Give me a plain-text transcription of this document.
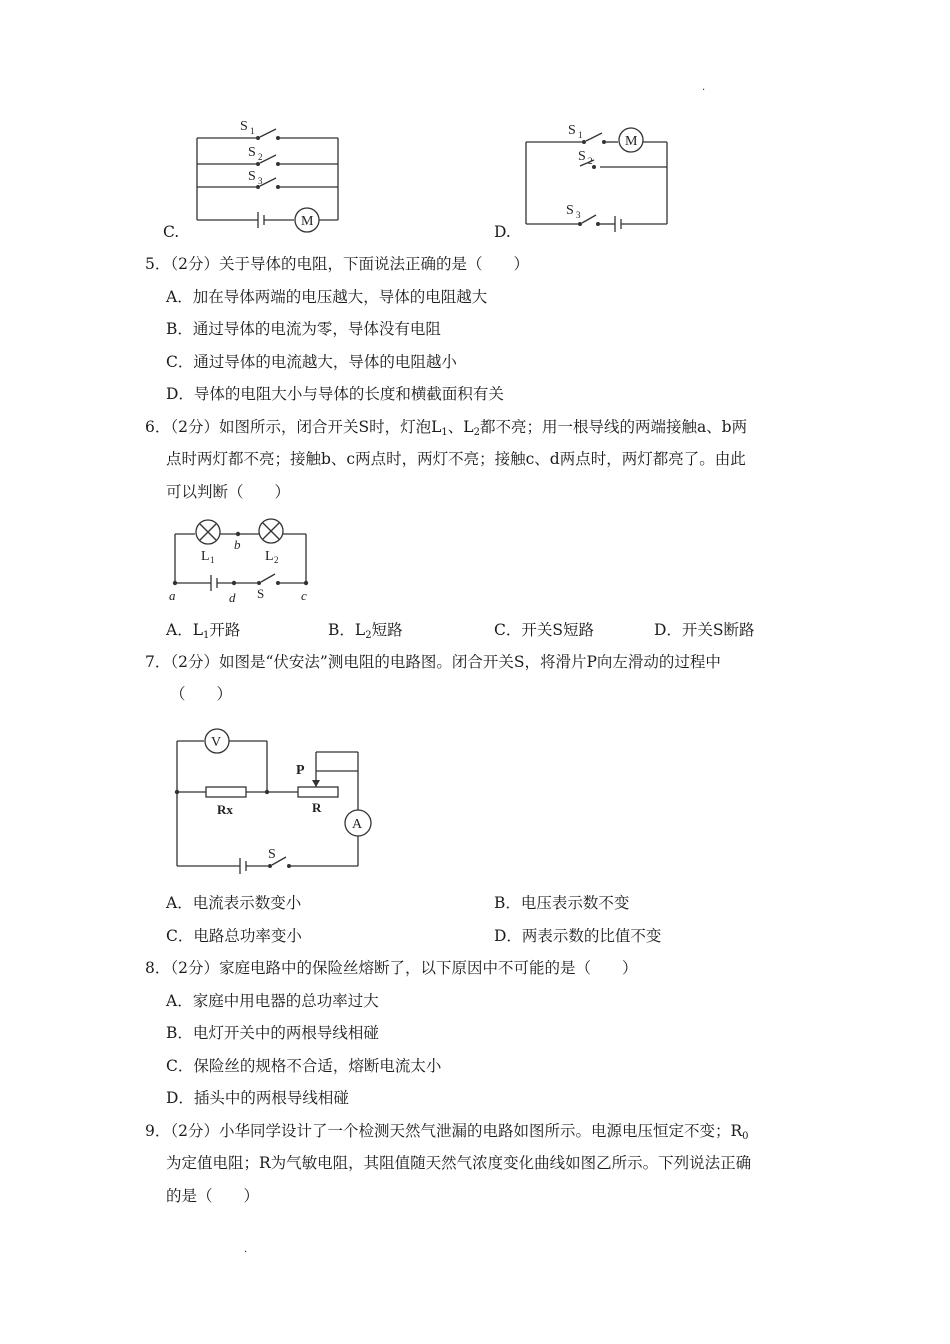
.
.
M
S 1
S 2
S 3
C.
M
S 1
S 2
S 3
D.
5．（2分）关于导体的电阻，下面说法正确的是（　　）
A．加在导体两端的电压越大，导体的电阻越大
B．通过导体的电流为零，导体没有电阻
C．通过导体的电流越大，导体的电阻越小
D．导体的电阻大小与导体的长度和横截面积有关
6．（2分）如图所示，闭合开关S时，灯泡$L_1$、$L_2$都不亮；用一根导线的两端接触a、b两
点时两灯都不亮；接触b、c两点时，两灯不亮；接触c、d两点时，两灯都亮了。由此
可以判断（　　）
L 1	L 2
b
a	d S	c
A．$L_1$开路	B．$L_2$短路	C．开关S短路	D．开关S断路
7．（2分）如图是“伏安法”测电阻的电路图。闭合开关S，将滑片P向左滑动的过程中
（　　）
V
A
S
P
R
Rx
A．电流表示数变小	B．电压表示数不变
C．电路总功率变小	D．两表示数的比值不变
8．（2分）家庭电路中的保险丝熔断了，以下原因中不可能的是（　　）
A．家庭中用电器的总功率过大
B．电灯开关中的两根导线相碰
C．保险丝的规格不合适，熔断电流太小
D．插头中的两根导线相碰
9．（2分）小华同学设计了一个检测天然气泄漏的电路如图所示。电源电压恒定不变；$R_0$
为定值电阻；R为气敏电阻，其阻值随天然气浓度变化曲线如图乙所示。下列说法正确
的是（　　）
